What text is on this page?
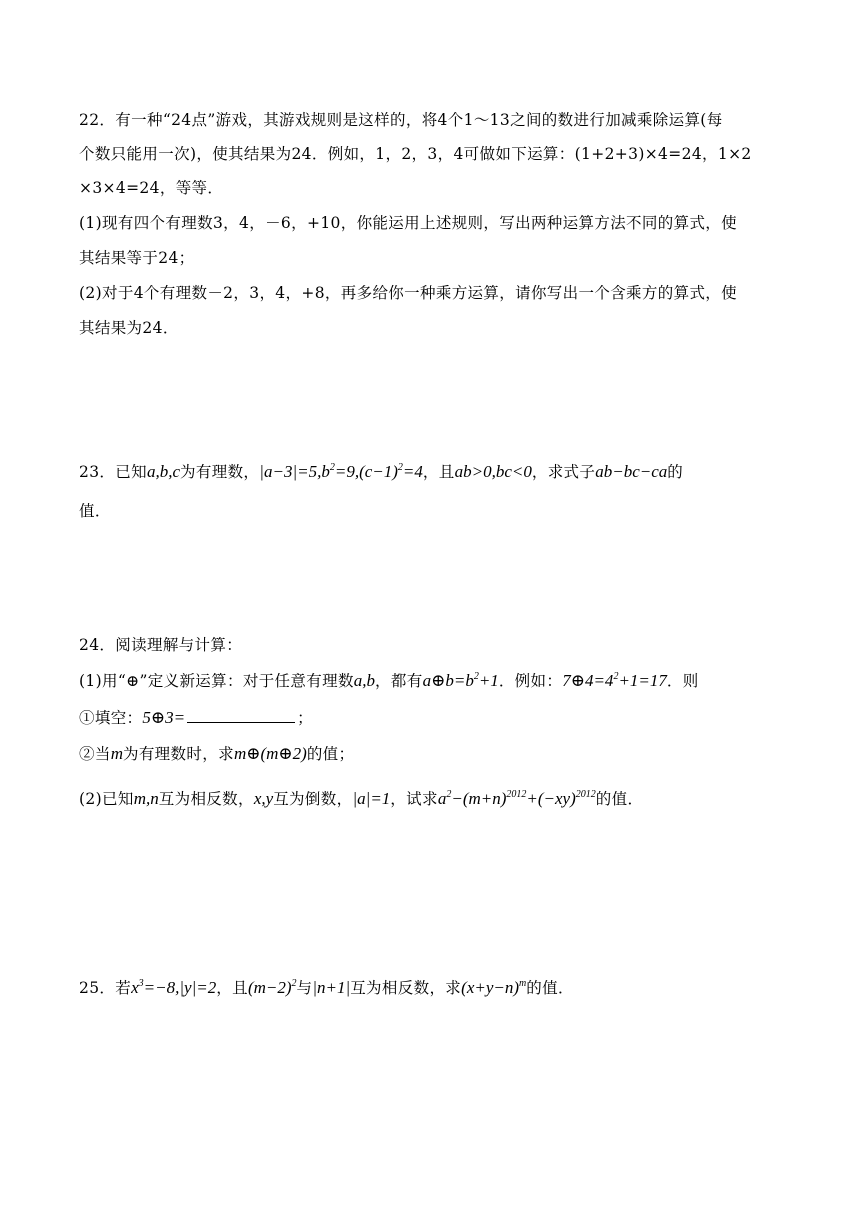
22．有一种“24点”游戏，其游戏规则是这样的，将4个1～13之间的数进行加减乘除运算(每
个数只能用一次)，使其结果为24．例如，1，2，3，4可做如下运算：(1+2+3)×4=24，1×2
×3×4=24，等等．
(1)现有四个有理数3，4，－6，+10，你能运用上述规则，写出两种运算方法不同的算式，使
其结果等于24；
(2)对于4个有理数－2，3，4，+8，再多给你一种乘方运算，请你写出一个含乘方的算式，使
其结果为24．
23．已知a,b,c为有理数，$|a-3|=5,b^2=9,(c-1)^2=4$，且ab>0,bc<0，求式子ab−bc−ca的
值．
24．阅读理解与计算：
(1)用“⊕”定义新运算：对于任意有理数a,b，都有$a\oplus b=b^2+1$．例如：$7\oplus 4=4^2+1=17$．则
①填空：5⊕3=	；
②当m为有理数时，求m⊕(m⊕2)的值；
(2)已知m,n互为相反数，x,y互为倒数，|a|=1，试求$a^2-(m+n)^{2012}+(-xy)^{2012}$的值．
25．若$x^3=-8,|y|=2$，且$(m-2)^2$与|n+1|互为相反数，求$(x+y-n)^m$的值．
